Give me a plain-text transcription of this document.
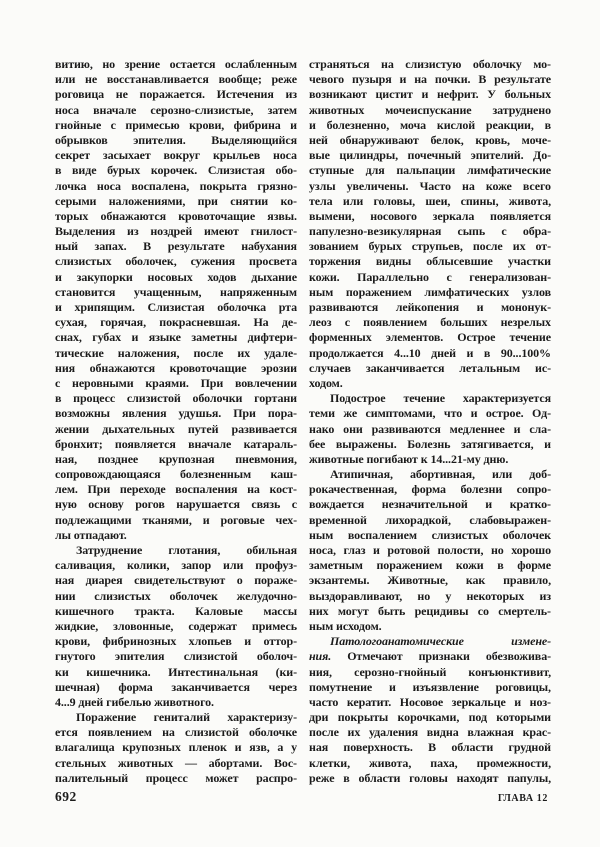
витию, но зрение остается ослабленным
или не восстанавливается вообще; реже
роговица не поражается. Истечения из
носа вначале серозно-слизистые, затем
гнойные с примесью крови, фибрина и
обрывков эпителия. Выделяющийся
секрет засыхает вокруг крыльев носа
в виде бурых корочек. Слизистая обо-
лочка носа воспалена, покрыта грязно-
серыми наложениями, при снятии ко-
торых обнажаются кровоточащие язвы.
Выделения из ноздрей имеют гнилост-
ный запах. В результате набухания
слизистых оболочек, сужения просвета
и закупорки носовых ходов дыхание
становится учащенным, напряженным
и хрипящим. Слизистая оболочка рта
сухая, горячая, покрасневшая. На де-
снах, губах и языке заметны дифтери-
тические наложения, после их удале-
ния обнажаются кровоточащие эрозии
с неровными краями. При вовлечении
в процесс слизистой оболочки гортани
возможны явления удушья. При пора-
жении дыхательных путей развивается
бронхит; появляется вначале катараль-
ная, позднее крупозная пневмония,
сопровождающаяся болезненным каш-
лем. При переходе воспаления на кост-
ную основу рогов нарушается связь с
подлежащими тканями, и роговые чех-
лы отпадают.
Затруднение глотания, обильная
саливация, колики, запор или профуз-
ная диарея свидетельствуют о пораже-
нии слизистых оболочек желудочно-
кишечного тракта. Каловые массы
жидкие, зловонные, содержат примесь
крови, фибринозных хлопьев и оттор-
гнутого эпителия слизистой оболоч-
ки кишечника. Интестинальная (ки-
шечная) форма заканчивается через
4...9 дней гибелью животного.
Поражение гениталий характеризу-
ется появлением на слизистой оболочке
влагалища крупозных пленок и язв, а у
стельных животных — абортами. Вос-
палительный процесс может распро-
страняться на слизистую оболочку мо-
чевого пузыря и на почки. В результате
возникают цистит и нефрит. У больных
животных мочеиспускание затруднено
и болезненно, моча кислой реакции, в
ней обнаруживают белок, кровь, моче-
вые цилиндры, почечный эпителий. До-
ступные для пальпации лимфатические
узлы увеличены. Часто на коже всего
тела или головы, шеи, спины, живота,
вымени, носового зеркала появляется
папулезно-везикулярная сыпь с обра-
зованием бурых струпьев, после их от-
торжения видны облысевшие участки
кожи. Параллельно с генерализован-
ным поражением лимфатических узлов
развиваются лейкопения и мононук-
леоз с появлением больших незрелых
форменных элементов. Острое течение
продолжается 4...10 дней и в 90...100%
случаев заканчивается летальным ис-
ходом.
Подострое течение характеризуется
теми же симптомами, что и острое. Од-
нако они развиваются медленнее и сла-
бее выражены. Болезнь затягивается, и
животные погибают к 14...21-му дню.
Атипичная, абортивная, или доб-
рокачественная, форма болезни сопро-
вождается незначительной и кратко-
временной лихорадкой, слабовыражен-
ным воспалением слизистых оболочек
носа, глаз и ротовой полости, но хорошо
заметным поражением кожи в форме
экзантемы. Животные, как правило,
выздоравливают, но у некоторых из
них могут быть рецидивы со смертель-
ным исходом.
Патологоанатомические	измене-
ния. Отмечают признаки обезвожива-
ния, серозно-гнойный конъюнктивит,
помутнение и изъязвление роговицы,
часто кератит. Носовое зеркальце и ноз-
дри покрыты корочками, под которыми
после их удаления видна влажная крас-
ная поверхность. В области грудной
клетки, живота, паха, промежности,
реже в области головы находят папулы,
692	ГЛАВА 12
